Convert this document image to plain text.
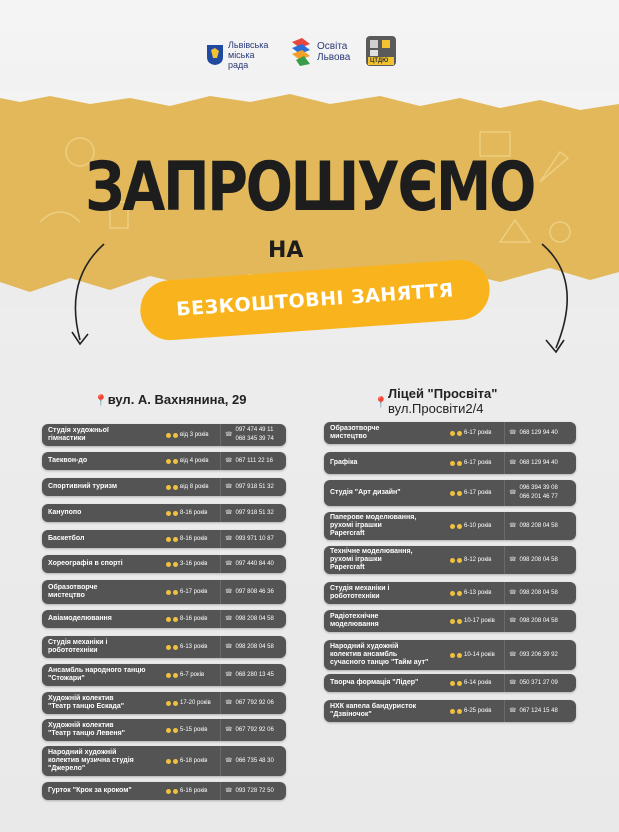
Львівська
міська
рада
Освіта
Львова	ЦТДЮ
ЗАПРОШУЄМО
НА
БЕЗКОШТОВНІ ЗАНЯТТЯ
📍вул. А. Вахнянина, 29	📍
Ліцей "Просвіта"
вул.Просвіти2/4
Студія художньої
гімнастики	від 3 років	☎
097 474 49 11
068 345 39 74
Таеквон-до	від 4 років	☎ 067 111 22 16
Спортивний туризм	від 8 років	☎ 097 918 51 32
Канупопо	8-16 років	☎ 097 918 51 32
Баскетбол	8-16 років	☎ 093 971 10 87
Хореографія в спорті	3-16 років	☎ 097 440 84 40
Образотворче
мистецтво	6-17 років	☎ 097 808 46 36
Авіамоделювання	8-16 років	☎ 098 208 04 58
Студія механіки і
робототехніки	6-13 років	☎ 098 208 04 58
Ансамбль народного танцю
"Стожари"	6-7 років	☎ 068 280 13 45
Художній колектив
"Театр танцю Ескада"	17-20 років ☎ 067 792 92 06
Художній колектив
"Театр танцю Левеня"	5-15 років	☎ 067 792 92 06
Народний художній
колектив музична студія
"Джерело"
6-18 років	☎ 066 735 48 30
Гурток "Крок за кроком"	6-16 років	☎ 093 728 72 50
Образотворче
мистецтво	6-17 років	☎ 068 129 94 40
Графіка	6-17 років	☎ 068 129 94 40
Студія "Арт дизайн"	6-17 років	☎
096 394 39 08
066 201 46 77
Паперове моделювання,
рухомі іграшки
Papercraft
6-10 років	☎ 098 208 04 58
Технічне моделювання,
рухомі іграшки
Papercraft
8-12 років	☎ 098 208 04 58
Студія механіки і
робототехніки	6-13 років	☎ 098 208 04 58
Радіотехнічне
моделювання	10-17 років ☎ 098 208 04 58
Народний художній
колектив ансамбль
сучасного танцю "Тайм аут"
10-14 років ☎ 093 206 39 92
Творча формація "Лідер"	6-14 років	☎ 050 371 27 09
НХК капела бандуристок
"Дзвіночок"	6-25 років	☎ 067 124 15 48
